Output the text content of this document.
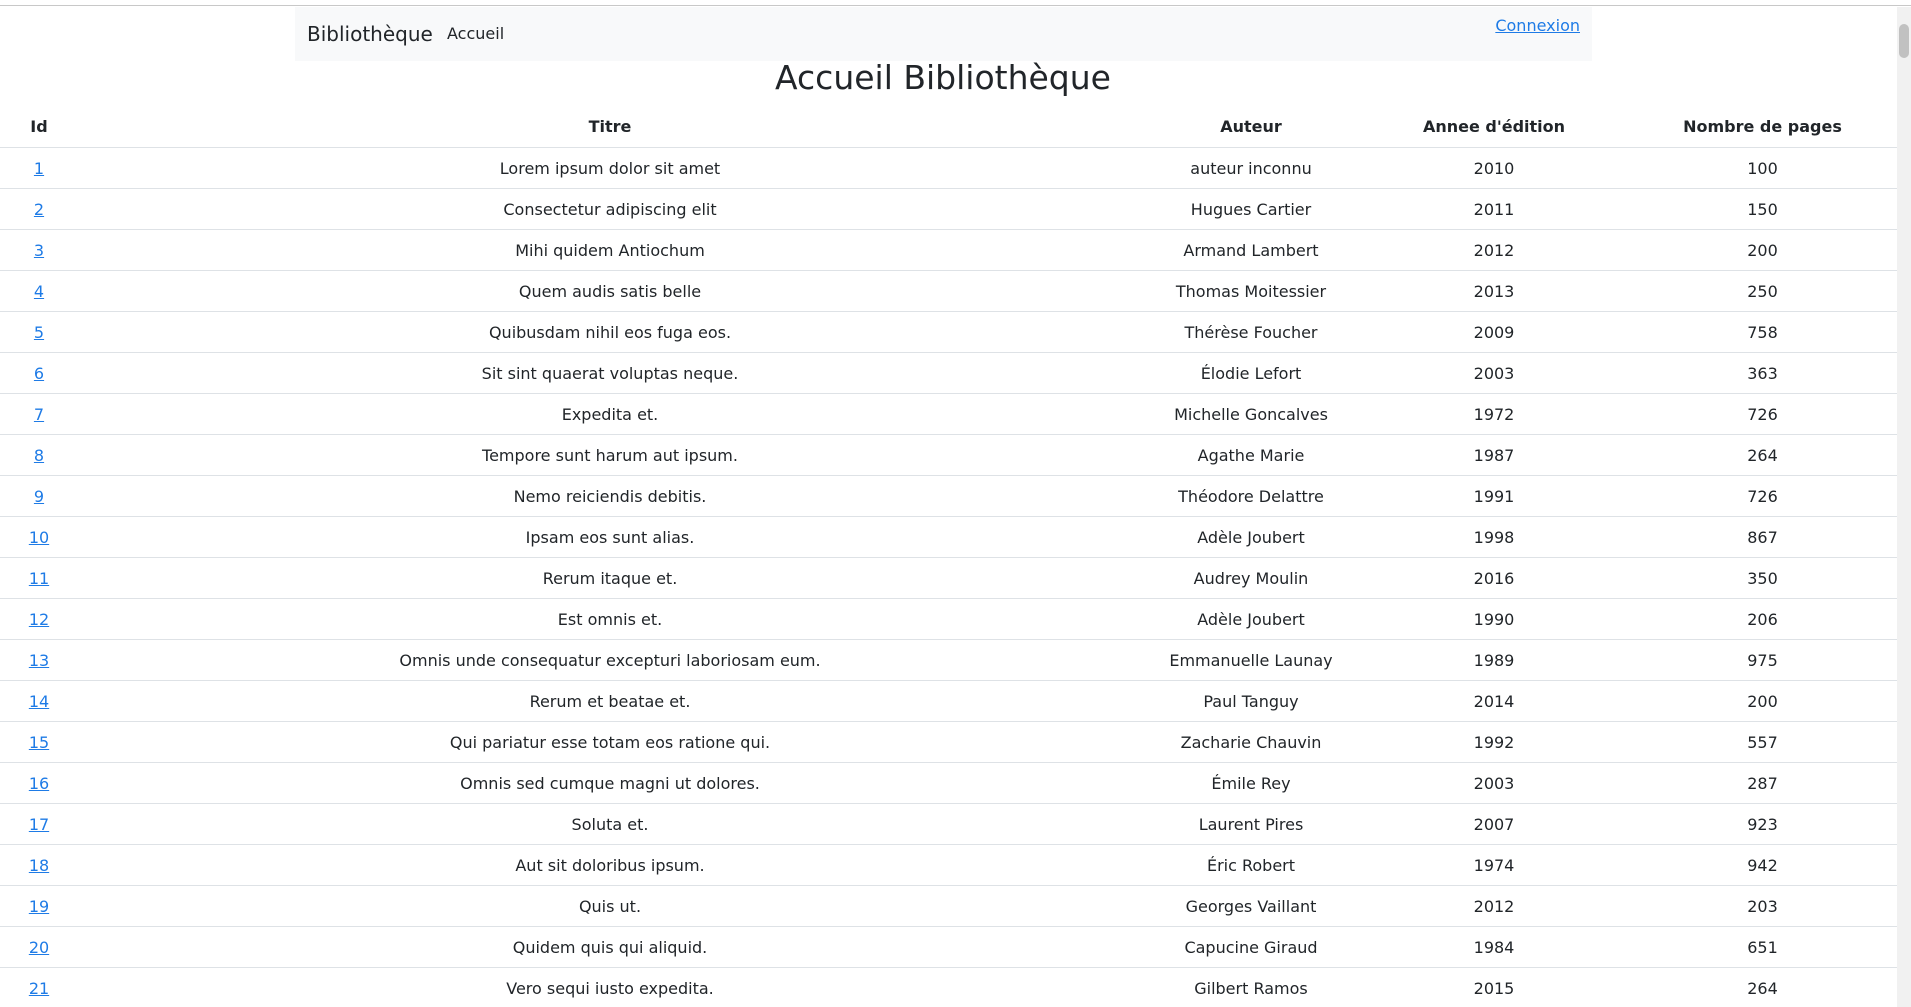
Bibliothèque Accueil	Connexion
Accueil Bibliothèque
Id	Titre	Auteur	Annee d'édition	Nombre de pages
1	Lorem ipsum dolor sit amet	auteur inconnu	2010	100
2	Consectetur adipiscing elit	Hugues Cartier	2011	150
3	Mihi quidem Antiochum	Armand Lambert	2012	200
4	Quem audis satis belle	Thomas Moitessier	2013	250
5	Quibusdam nihil eos fuga eos.	Thérèse Foucher	2009	758
6	Sit sint quaerat voluptas neque.	Élodie Lefort	2003	363
7	Expedita et.	Michelle Goncalves	1972	726
8	Tempore sunt harum aut ipsum.	Agathe Marie	1987	264
9	Nemo reiciendis debitis.	Théodore Delattre	1991	726
10	Ipsam eos sunt alias.	Adèle Joubert	1998	867
11	Rerum itaque et.	Audrey Moulin	2016	350
12	Est omnis et.	Adèle Joubert	1990	206
13	Omnis unde consequatur excepturi laboriosam eum.	Emmanuelle Launay	1989	975
14	Rerum et beatae et.	Paul Tanguy	2014	200
15	Qui pariatur esse totam eos ratione qui.	Zacharie Chauvin	1992	557
16	Omnis sed cumque magni ut dolores.	Émile Rey	2003	287
17	Soluta et.	Laurent Pires	2007	923
18	Aut sit doloribus ipsum.	Éric Robert	1974	942
19	Quis ut.	Georges Vaillant	2012	203
20	Quidem quis qui aliquid.	Capucine Giraud	1984	651
21	Vero sequi iusto expedita.	Gilbert Ramos	2015	264
